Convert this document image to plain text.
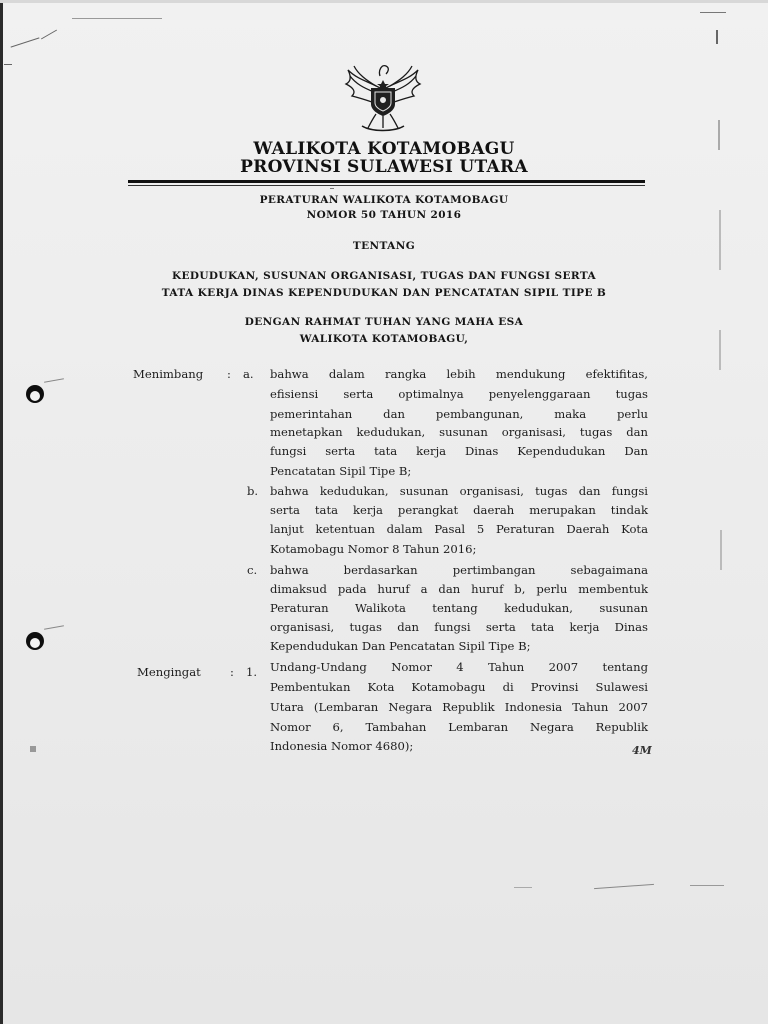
WALIKOTA KOTAMOBAGU
PROVINSI SULAWESI UTARA
PERATURAN WALIKOTA KOTAMOBAGU
NOMOR 50 TAHUN 2016
TENTANG
KEDUDUKAN, SUSUNAN ORGANISASI, TUGAS DAN FUNGSI SERTA
TATA KERJA DINAS KEPENDUDUKAN DAN PENCATATAN SIPIL TIPE B
DENGAN RAHMAT TUHAN YANG MAHA ESA
WALIKOTA KOTAMOBAGU,
Menimbang : a. bahwa dalam rangka lebih mendukung efektifitas,
efisiensi serta optimalnya penyelenggaraan tugas
pemerintahan dan pembangunan, maka perlu
menetapkan kedudukan, susunan organisasi, tugas dan
fungsi serta tata kerja Dinas Kependudukan Dan
Pencatatan Sipil Tipe B;
b. bahwa kedudukan, susunan organisasi, tugas dan fungsi
serta tata kerja perangkat daerah merupakan tindak
lanjut ketentuan dalam Pasal 5 Peraturan Daerah Kota
Kotamobagu Nomor 8 Tahun 2016;
c. bahwa berdasarkan pertimbangan sebagaimana
dimaksud pada huruf a dan huruf b, perlu membentuk
Peraturan Walikota tentang kedudukan, susunan
organisasi, tugas dan fungsi serta tata kerja Dinas
Kependudukan Dan Pencatatan Sipil Tipe B;
Mengingat	: 1. Undang-Undang Nomor 4 Tahun 2007 tentang
Pembentukan Kota Kotamobagu di Provinsi Sulawesi
Utara (Lembaran Negara Republik Indonesia Tahun 2007
Nomor 6, Tambahan Lembaran Negara Republik
Indonesia Nomor 4680);	4M
